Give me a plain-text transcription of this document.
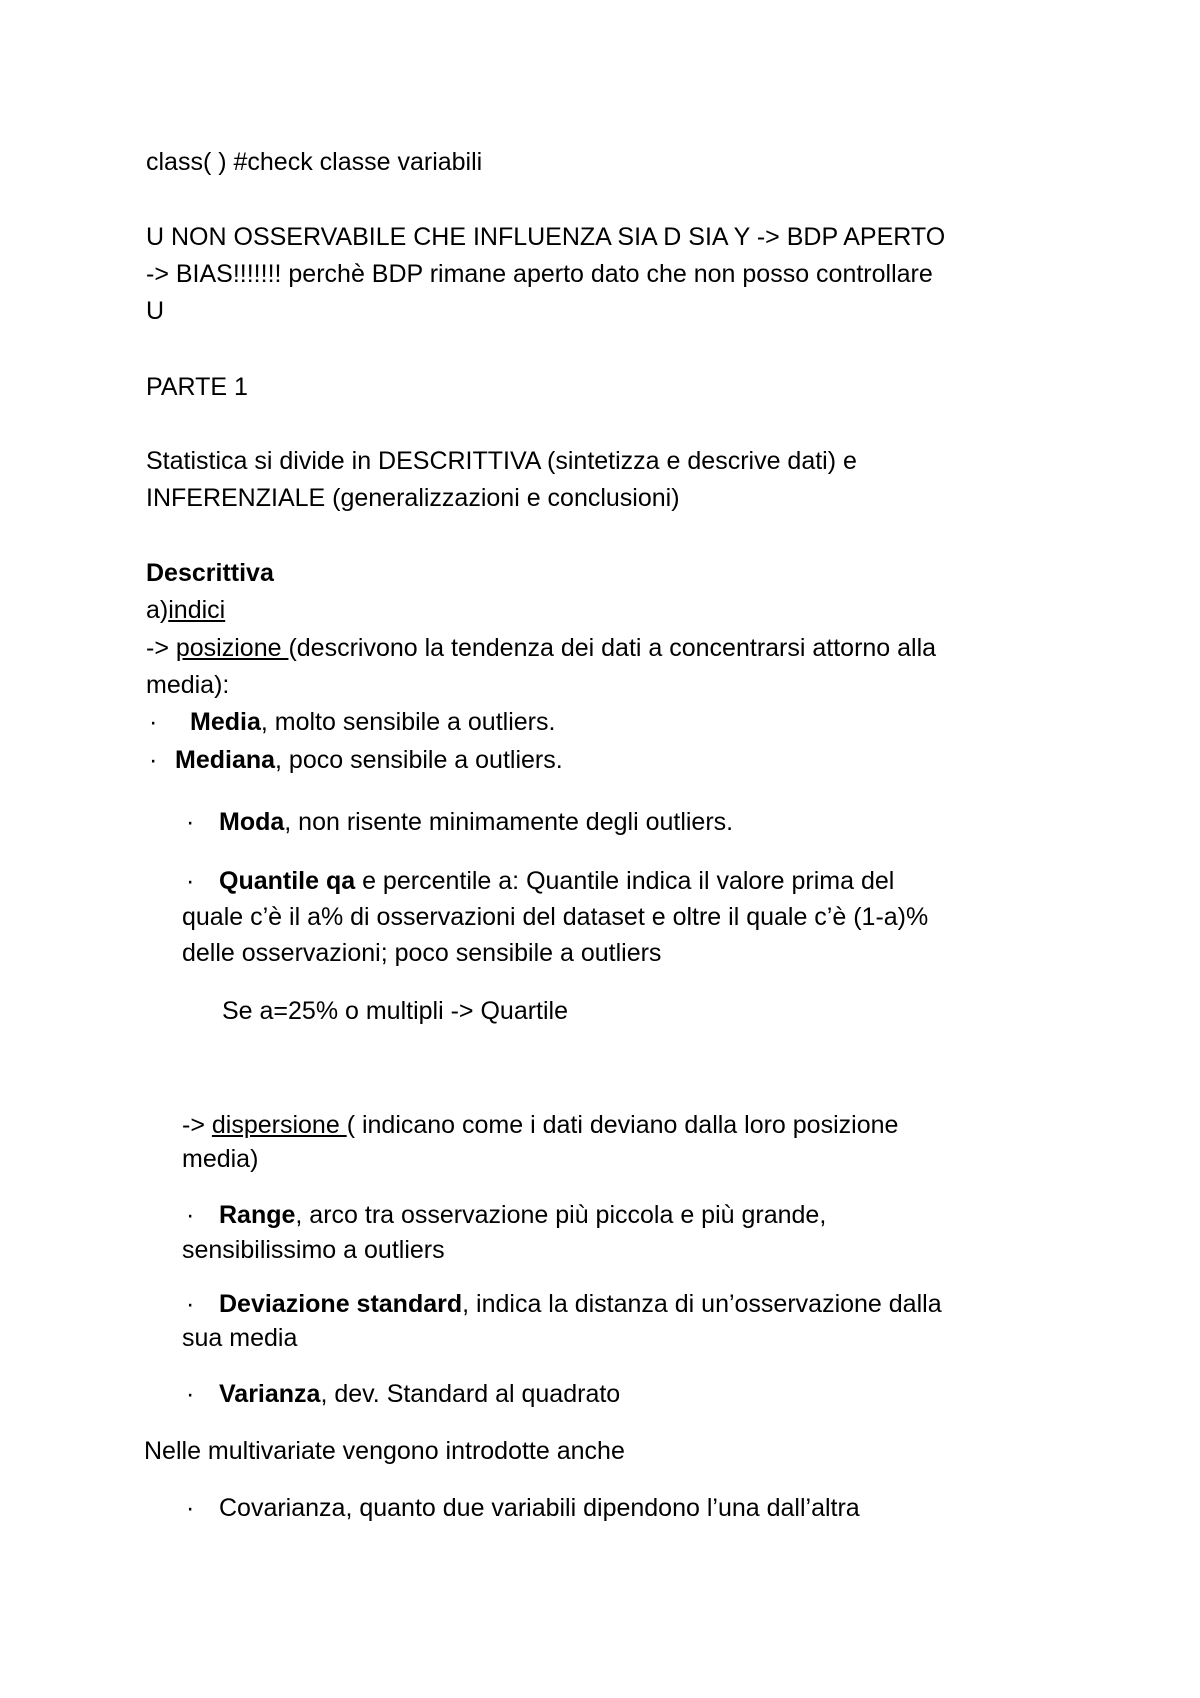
class( ) #check classe variabili

U NON OSSERVABILE CHE INFLUENZA SIA D SIA Y -> BDP APERTO

-> BIAS!!!!!!! perchè BDP rimane aperto dato che non posso controllare

U

PARTE 1

Statistica si divide in DESCRITTIVA (sintetizza e descrive dati) e

INFERENZIALE (generalizzazioni e conclusioni)

Descrittiva

a)indici

-> posizione (descrivono la tendenza dei dati a concentrarsi attorno alla

media):

· Media, molto sensibile a outliers.

· Mediana, poco sensibile a outliers.

· Moda, non risente minimamente degli outliers.

· Quantile qa e percentile a: Quantile indica il valore prima del

quale c’è il a% di osservazioni del dataset e oltre il quale c’è (1-a)%

delle osservazioni; poco sensibile a outliers

Se a=25% o multipli -> Quartile

-> dispersione ( indicano come i dati deviano dalla loro posizione

media)

· Range, arco tra osservazione più piccola e più grande,

sensibilissimo a outliers

· Deviazione standard, indica la distanza di un’osservazione dalla

sua media

· Varianza, dev. Standard al quadrato

Nelle multivariate vengono introdotte anche

· Covarianza, quanto due variabili dipendono l’una dall’altra
